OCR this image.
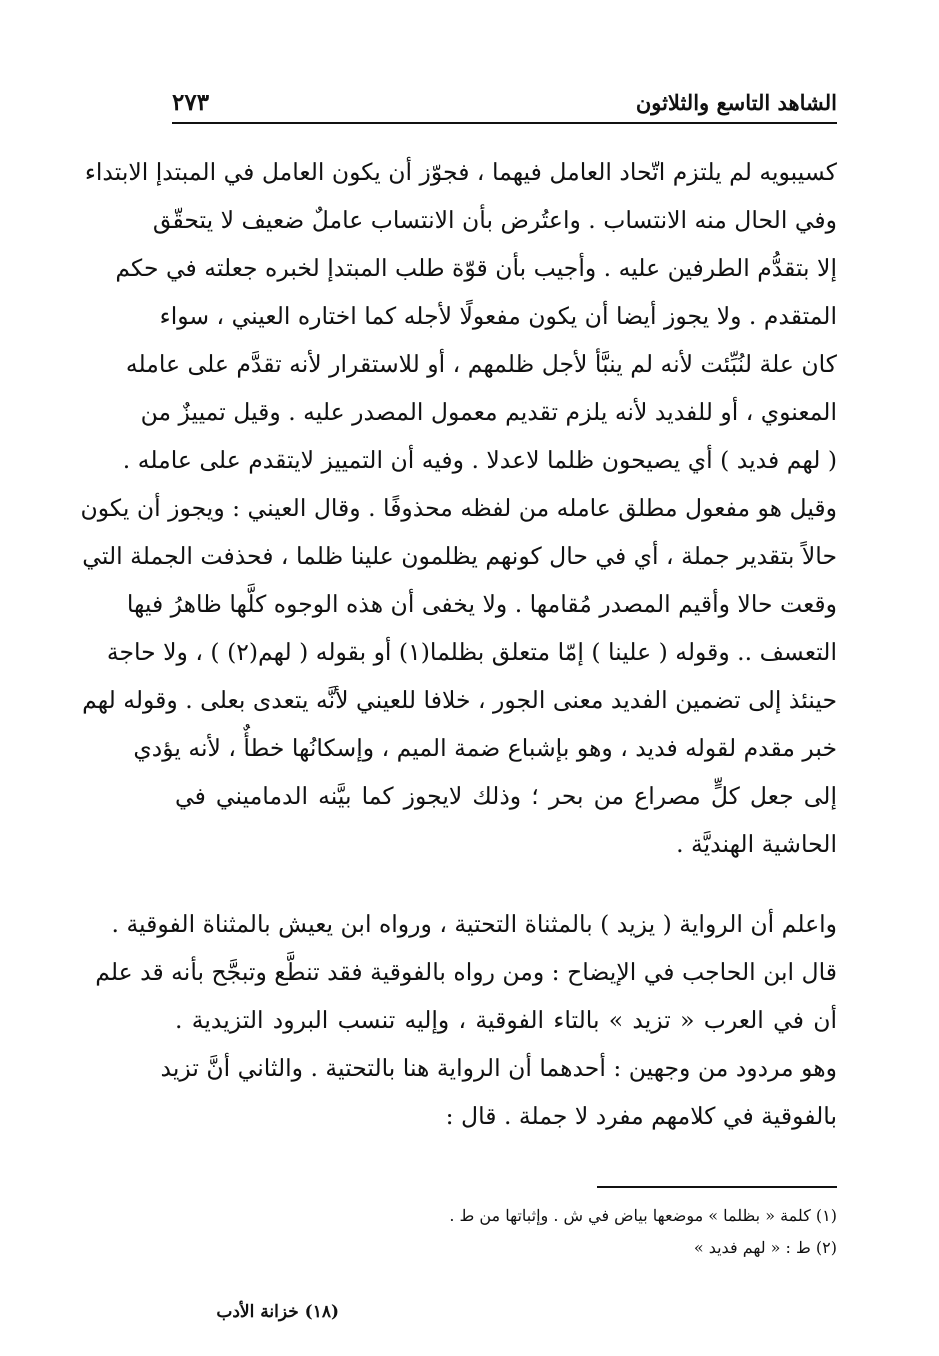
الشاهد التاسع والثلاثون
٢٧٣
كسيبويه لم يلتزم اتّحاد العامل فيهما ، فجوّز أن يكون العامل في المبتدإ الابتداء
وفي الحال منه الانتساب . واعتُرض بأن الانتساب عاملٌ ضعيف لا يتحقّق
إلا بتقدُّم الطرفين عليه . وأجيب بأن قوّة طلب المبتدإ لخبره جعلته في حكم
المتقدم . ولا يجوز أيضا أن يكون مفعولًا لأجله كما اختاره العيني ، سواء
كان علة لنُبِّئت لأنه لم ينبَّأ لأجل ظلمهم ، أو للاستقرار لأنه تقدَّم على عامله
المعنوي ، أو للفديد لأنه يلزم تقديم معمول المصدر عليه . وقيل تمييزٌ من
( لهم فديد ) أي يصيحون ظلما لاعدلا . وفيه أن التمييز لايتقدم على عامله .
وقيل هو مفعول مطلق عامله من لفظه محذوفًا . وقال العيني : ويجوز أن يكون
حالاً بتقدير جملة ، أي في حال كونهم يظلمون علينا ظلما ، فحذفت الجملة التي
وقعت حالا وأقيم المصدر مُقامها . ولا يخفى أن هذه الوجوه كلَّها ظاهرُ فيها
التعسف .. وقوله ( علينا ) إمّا متعلق بظلما(١) أو بقوله ( لهم(٢) ) ، ولا حاجة
حينئذ إلى تضمين الفديد معنى الجور ، خلافا للعيني لأنَّه يتعدى بعلى . وقوله لهم
خبر مقدم لقوله فديد ، وهو بإشباع ضمة الميم ، وإسكانُها خطأٌ ، لأنه يؤدي
إلى جعل كلٍّ مصراع من بحر ؛ وذلك لايجوز كما بيَّنه الدماميني في
الحاشية الهنديَّة .
واعلم أن الرواية ( يزيد ) بالمثناة التحتية ، ورواه ابن يعيش بالمثناة الفوقية .
قال ابن الحاجب في الإيضاح : ومن رواه بالفوقية فقد تنطَّع وتبجَّح بأنه قد علم
أن في العرب « تزيد » بالتاء الفوقية ، وإليه تنسب البرود التزيدية .
وهو مردود من وجهين : أحدهما أن الرواية هنا بالتحتية . والثاني أنَّ تزيد
بالفوقية في كلامهم مفرد لا جملة . قال :
(١) كلمة « بظلما » موضعها بياض في ش . وإثباتها من ط .
(٢) ط : « لهم فديد »
(١٨) خزانة الأدب
